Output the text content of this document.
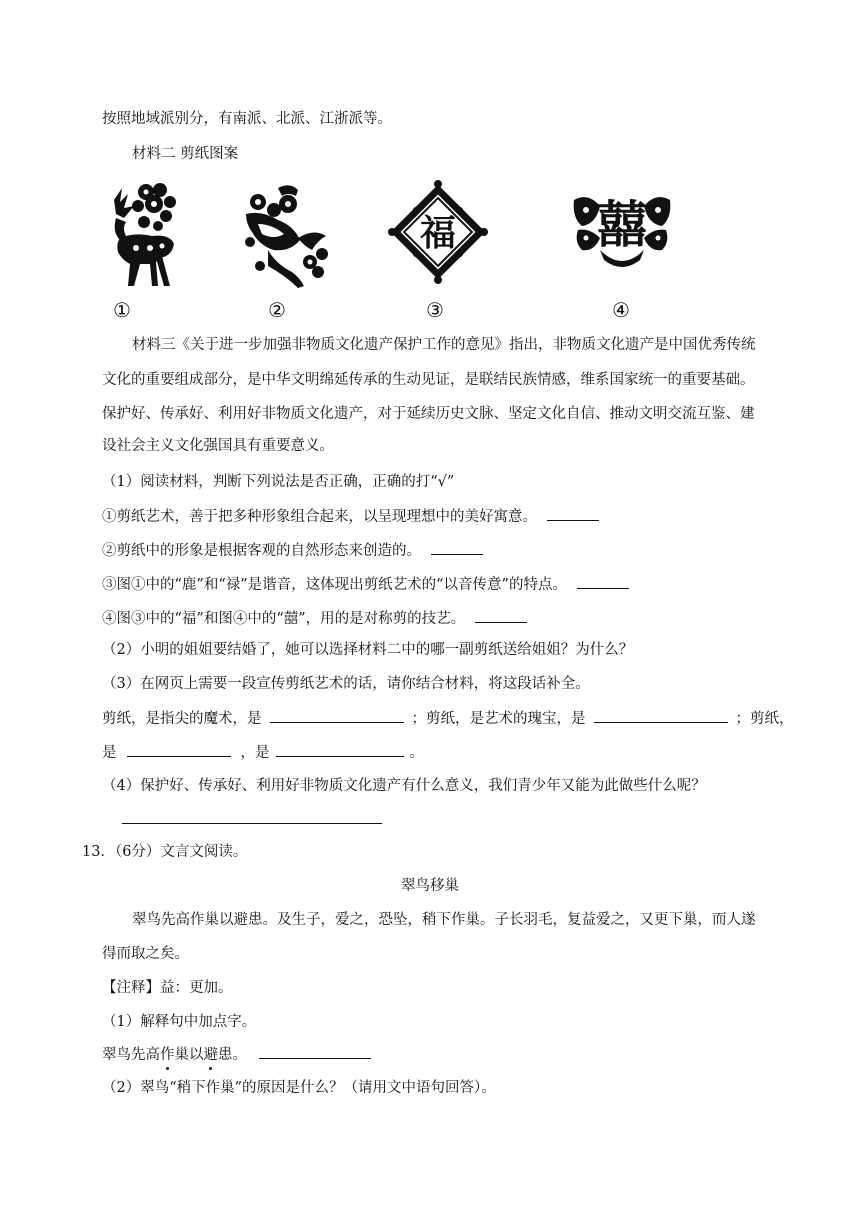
按照地域派别分，有南派、北派、江浙派等。
材料二 剪纸图案
①	②
福
③
囍
④
材料三《关于进一步加强非物质文化遗产保护工作的意见》指出，非物质文化遗产是中国优秀传统
文化的重要组成部分，是中华文明绵延传承的生动见证，是联结民族情感，维系国家统一的重要基础。
保护好、传承好、利用好非物质文化遗产，对于延续历史文脉、坚定文化自信、推动文明交流互鉴、建
设社会主义文化强国具有重要意义。
（1）阅读材料，判断下列说法是否正确，正确的打“√”
①剪纸艺术，善于把多种形象组合起来，以呈现理想中的美好寓意。
②剪纸中的形象是根据客观的自然形态来创造的。
③图①中的“鹿”和“禄”是谐音，这体现出剪纸艺术的“以音传意”的特点。
④图③中的“福”和图④中的“囍”，用的是对称剪的技艺。
（2）小明的姐姐要结婚了，她可以选择材料二中的哪一副剪纸送给姐姐？为什么？
（3）在网页上需要一段宣传剪纸艺术的话，请你结合材料，将这段话补全。
剪纸，是指尖的魔术，是	；剪纸，是艺术的瑰宝，是	；剪纸，
是	，是	。
（4）保护好、传承好、利用好非物质文化遗产有什么意义，我们青少年又能为此做些什么呢？
13．（6分）文言文阅读。
翠鸟移巢
翠鸟先高作巢以避患。及生子，爱之，恐坠，稍下作巢。子长羽毛，复益爱之，又更下巢，而人遂
得而取之矣。
【注释】益：更加。
（1）解释句中加点字。
翠鸟先高作巢以避患。
（2）翠鸟“稍下作巢”的原因是什么？（请用文中语句回答）。
